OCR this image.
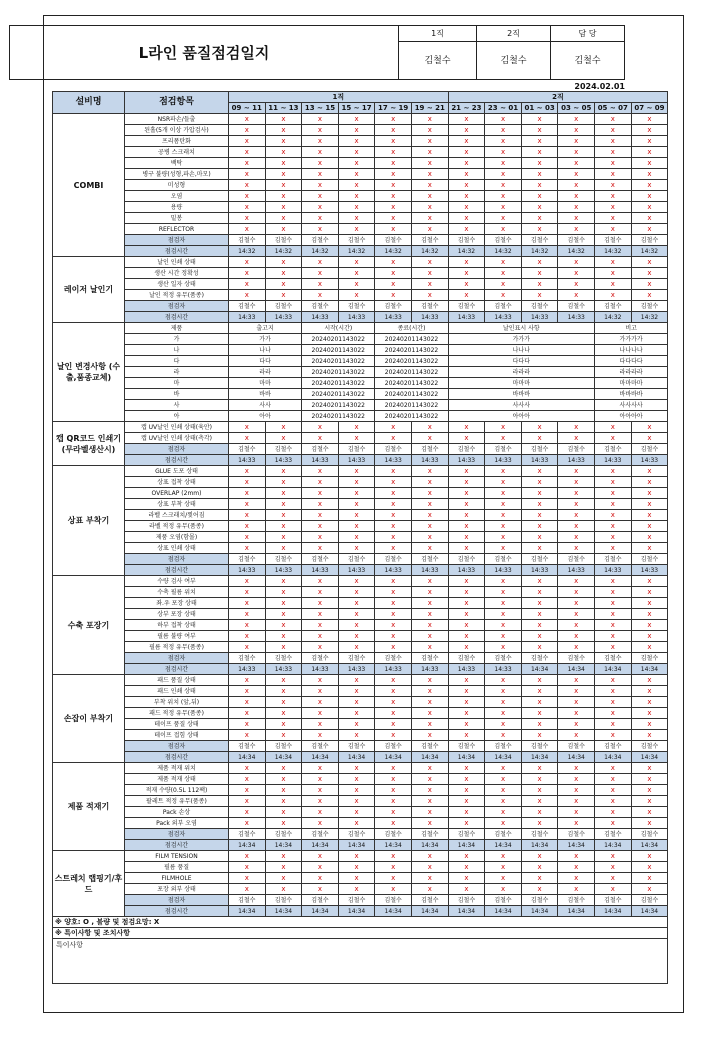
L라인 품질점검일지
1직
김철수
2직
김철수
담 당
김철수
2024.02.01
설비명	점검항목	1직						2직					
		09 ~ 11	11 ~ 13	13 ~ 15	15 ~ 17	17 ~ 19	19 ~ 21	21 ~ 23	23 ~ 01	01 ~ 03	03 ~ 05	05 ~ 07	07 ~ 09
COMBI	NSR파손/들출	x	x	x	x	x	x	x	x	x	x	x	x
	된홀(5개 이상 가압검사)	x	x	x	x	x	x	x	x	x	x	x	x
	프리폼탄화	x	x	x	x	x	x	x	x	x	x	x	x
	공병 스크래치	x	x	x	x	x	x	x	x	x	x	x	x
	백탁	x	x	x	x	x	x	x	x	x	x	x	x
	병구 불량(성형,파손,마모)	x	x	x	x	x	x	x	x	x	x	x	x
	미성형	x	x	x	x	x	x	x	x	x	x	x	x
	오염	x	x	x	x	x	x	x	x	x	x	x	x
	용량	x	x	x	x	x	x	x	x	x	x	x	x
	밑봉	x	x	x	x	x	x	x	x	x	x	x	x
	REFLECTOR	x	x	x	x	x	x	x	x	x	x	x	x
	점검자	김철수	김철수	김철수	김철수	김철수	김철수	김철수	김철수	김철수	김철수	김철수	김철수
	점검시간	14:32	14:32	14:32	14:32	14:32	14:32	14:32	14:32	14:32	14:32	14:32	14:32
레이저 날인기	날인 인쇄 상태	x	x	x	x	x	x	x	x	x	x	x	x
	생산 시간 정확성	x	x	x	x	x	x	x	x	x	x	x	x
	생산 일자 상태	x	x	x	x	x	x	x	x	x	x	x	x
	날인 적정 유무(품종)	x	x	x	x	x	x	x	x	x	x	x	x
	점검자	김철수	김철수	김철수	김철수	김철수	김철수	김철수	김철수	김철수	김철수	김철수	김철수
	점검시간	14:33	14:33	14:33	14:33	14:33	14:33	14:33	14:33	14:33	14:33	14:32	14:32
날인 변경사항 (수출,품종교체)	제품	출고지		시작(시간)		종료(시간)		날인표시 사항				비고	
	가	가가		20240201143022		20240201143022		가가가				가가가가	
	나	나나		20240201143022		20240201143022		나나나				나나나나	
	다	다다		20240201143022		20240201143022		다다다				다다다다	
	라	라라		20240201143022		20240201143022		라라라				라라라라	
	마	마마		20240201143022		20240201143022		마마마				마마마마	
	바	바바		20240201143022		20240201143022		바바바				바바바바	
	사	사사		20240201143022		20240201143022		사사사				사사사사	
	아	아아		20240201143022		20240201143022		아아아				아아아아	
캡 QR코드 인쇄기 (무라벨생산시)	캡 UV날인 인쇄 상태(육안)	x	x	x	x	x	x	x	x	x	x	x	x
	캡 UV날인 인쇄 상태(측각)	x	x	x	x	x	x	x	x	x	x	x	x
	점검자	김철수	김철수	김철수	김철수	김철수	김철수	김철수	김철수	김철수	김철수	김철수	김철수
	점검시간	14:33	14:33	14:33	14:33	14:33	14:33	14:33	14:33	14:33	14:33	14:33	14:33
상표 부착기	GLUE 도포 상태	x	x	x	x	x	x	x	x	x	x	x	x
	상표 접착 상태	x	x	x	x	x	x	x	x	x	x	x	x
	OVERLAP (2mm)	x	x	x	x	x	x	x	x	x	x	x	x
	상표 부착 상태	x	x	x	x	x	x	x	x	x	x	x	x
	라벨 스크래치/찢어짐	x	x	x	x	x	x	x	x	x	x	x	x
	라벨 적정 유무(품종)	x	x	x	x	x	x	x	x	x	x	x	x
	제품 오염(함몰)	x	x	x	x	x	x	x	x	x	x	x	x
	상표 인쇄 상태	x	x	x	x	x	x	x	x	x	x	x	x
	점검자	김철수	김철수	김철수	김철수	김철수	김철수	김철수	김철수	김철수	김철수	김철수	김철수
	점검시간	14:33	14:33	14:33	14:33	14:33	14:33	14:33	14:33	14:33	14:33	14:33	14:33
수축 포장기	수량 검사 여부	x	x	x	x	x	x	x	x	x	x	x	x
	수축 필름 위치	x	x	x	x	x	x	x	x	x	x	x	x
	좌.우 포장 상태	x	x	x	x	x	x	x	x	x	x	x	x
	상부 포장 상태	x	x	x	x	x	x	x	x	x	x	x	x
	하부 접착 상태	x	x	x	x	x	x	x	x	x	x	x	x
	필름 불량 여부	x	x	x	x	x	x	x	x	x	x	x	x
	필름 적정 유무(품종)	x	x	x	x	x	x	x	x	x	x	x	x
	점검자	김철수	김철수	김철수	김철수	김철수	김철수	김철수	김철수	김철수	김철수	김철수	김철수
	점검시간	14:33	14:33	14:33	14:33	14:33	14:33	14:33	14:33	14:34	14:34	14:34	14:34
손잡이 부착기	패드 품질 상태	x	x	x	x	x	x	x	x	x	x	x	x
	패드 인쇄 상태	x	x	x	x	x	x	x	x	x	x	x	x
	부착 위치 (앞,뒤)	x	x	x	x	x	x	x	x	x	x	x	x
	패드 적정 유무(품종)	x	x	x	x	x	x	x	x	x	x	x	x
	테이프 품질 상태	x	x	x	x	x	x	x	x	x	x	x	x
	테이프 접힘 상태	x	x	x	x	x	x	x	x	x	x	x	x
	점검자	김철수	김철수	김철수	김철수	김철수	김철수	김철수	김철수	김철수	김철수	김철수	김철수
	점검시간	14:34	14:34	14:34	14:34	14:34	14:34	14:34	14:34	14:34	14:34	14:34	14:34
제품 적재기	제품 적재 위치	x	x	x	x	x	x	x	x	x	x	x	x
	제품 적재 상태	x	x	x	x	x	x	x	x	x	x	x	x
	적재 수량(0.5L 112팩)	x	x	x	x	x	x	x	x	x	x	x	x
	팔레트 적정 유무(품종)	x	x	x	x	x	x	x	x	x	x	x	x
	Pack 손상	x	x	x	x	x	x	x	x	x	x	x	x
	Pack 외부 오염	x	x	x	x	x	x	x	x	x	x	x	x
	점검자	김철수	김철수	김철수	김철수	김철수	김철수	김철수	김철수	김철수	김철수	김철수	김철수
	점검시간	14:34	14:34	14:34	14:34	14:34	14:34	14:34	14:34	14:34	14:34	14:34	14:34
스트레치 랩핑기/후드	FILM TENSION	x	x	x	x	x	x	x	x	x	x	x	x
	필름 품질	x	x	x	x	x	x	x	x	x	x	x	x
	FILMHOLE	x	x	x	x	x	x	x	x	x	x	x	x
	포장 외부 상태	x	x	x	x	x	x	x	x	x	x	x	x
	점검자	김철수	김철수	김철수	김철수	김철수	김철수	김철수	김철수	김철수	김철수	김철수	김철수
	점검시간	14:34	14:34	14:34	14:34	14:34	14:34	14:34	14:34	14:34	14:34	14:34	14:34
※ 양호: O , 불량 및 점검요망: X													
※ 특이사항 및 조치사항													
특이사항													
